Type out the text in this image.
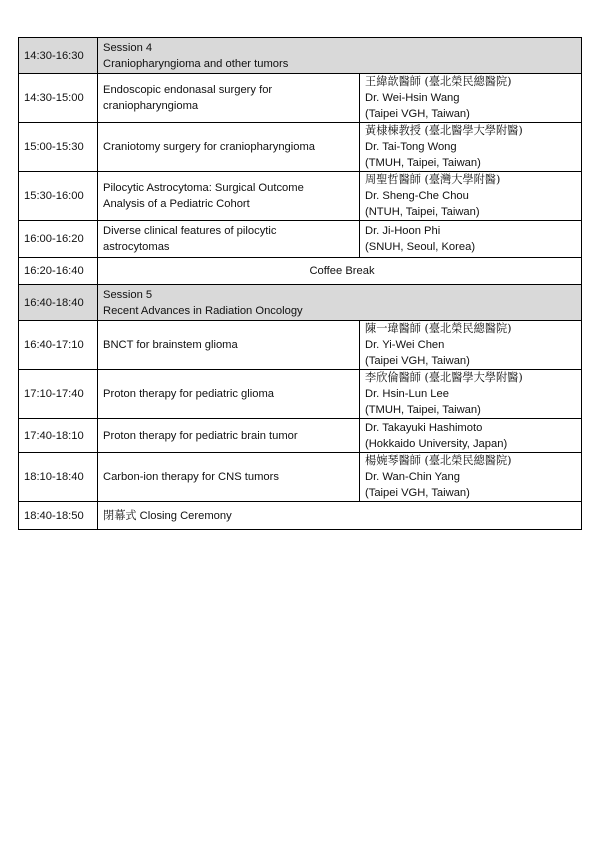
14:30-16:30	Session 4
Craniopharyngioma and other tumors	

14:30-15:00	Endoscopic endonasal surgery for
craniopharyngioma	王緯歆醫師 (臺北榮民總醫院)
Dr. Wei-Hsin Wang
(Taipei VGH, Taiwan)

15:00-15:30	Craniotomy surgery for craniopharyngioma	黃棣棟教授 (臺北醫學大學附醫)
Dr. Tai-Tong Wong
(TMUH, Taipei, Taiwan)

15:30-16:00	Pilocytic Astrocytoma: Surgical Outcome
Analysis of a Pediatric Cohort	周聖哲醫師 (臺灣大學附醫)
Dr. Sheng-Che Chou
(NTUH, Taipei, Taiwan)

16:00-16:20	Diverse clinical features of pilocytic
astrocytomas	Dr. Ji-Hoon Phi
(SNUH, Seoul, Korea)

16:20-16:40	Coffee Break	
16:40-18:40	Session 5
Recent Advances in Radiation Oncology	

16:40-17:10	BNCT for brainstem glioma	陳一瑋醫師 (臺北榮民總醫院)
Dr. Yi-Wei Chen
(Taipei VGH, Taiwan)

17:10-17:40	Proton therapy for pediatric glioma	李欣倫醫師 (臺北醫學大學附醫)
Dr. Hsin-Lun Lee
(TMUH, Taipei, Taiwan)

17:40-18:10	Proton therapy for pediatric brain tumor	Dr. Takayuki Hashimoto
(Hokkaido University, Japan)

18:10-18:40	Carbon-ion therapy for CNS tumors	楊婉琴醫師 (臺北榮民總醫院)
Dr. Wan-Chin Yang
(Taipei VGH, Taiwan)

18:40-18:50	閉幕式 Closing Ceremony	
